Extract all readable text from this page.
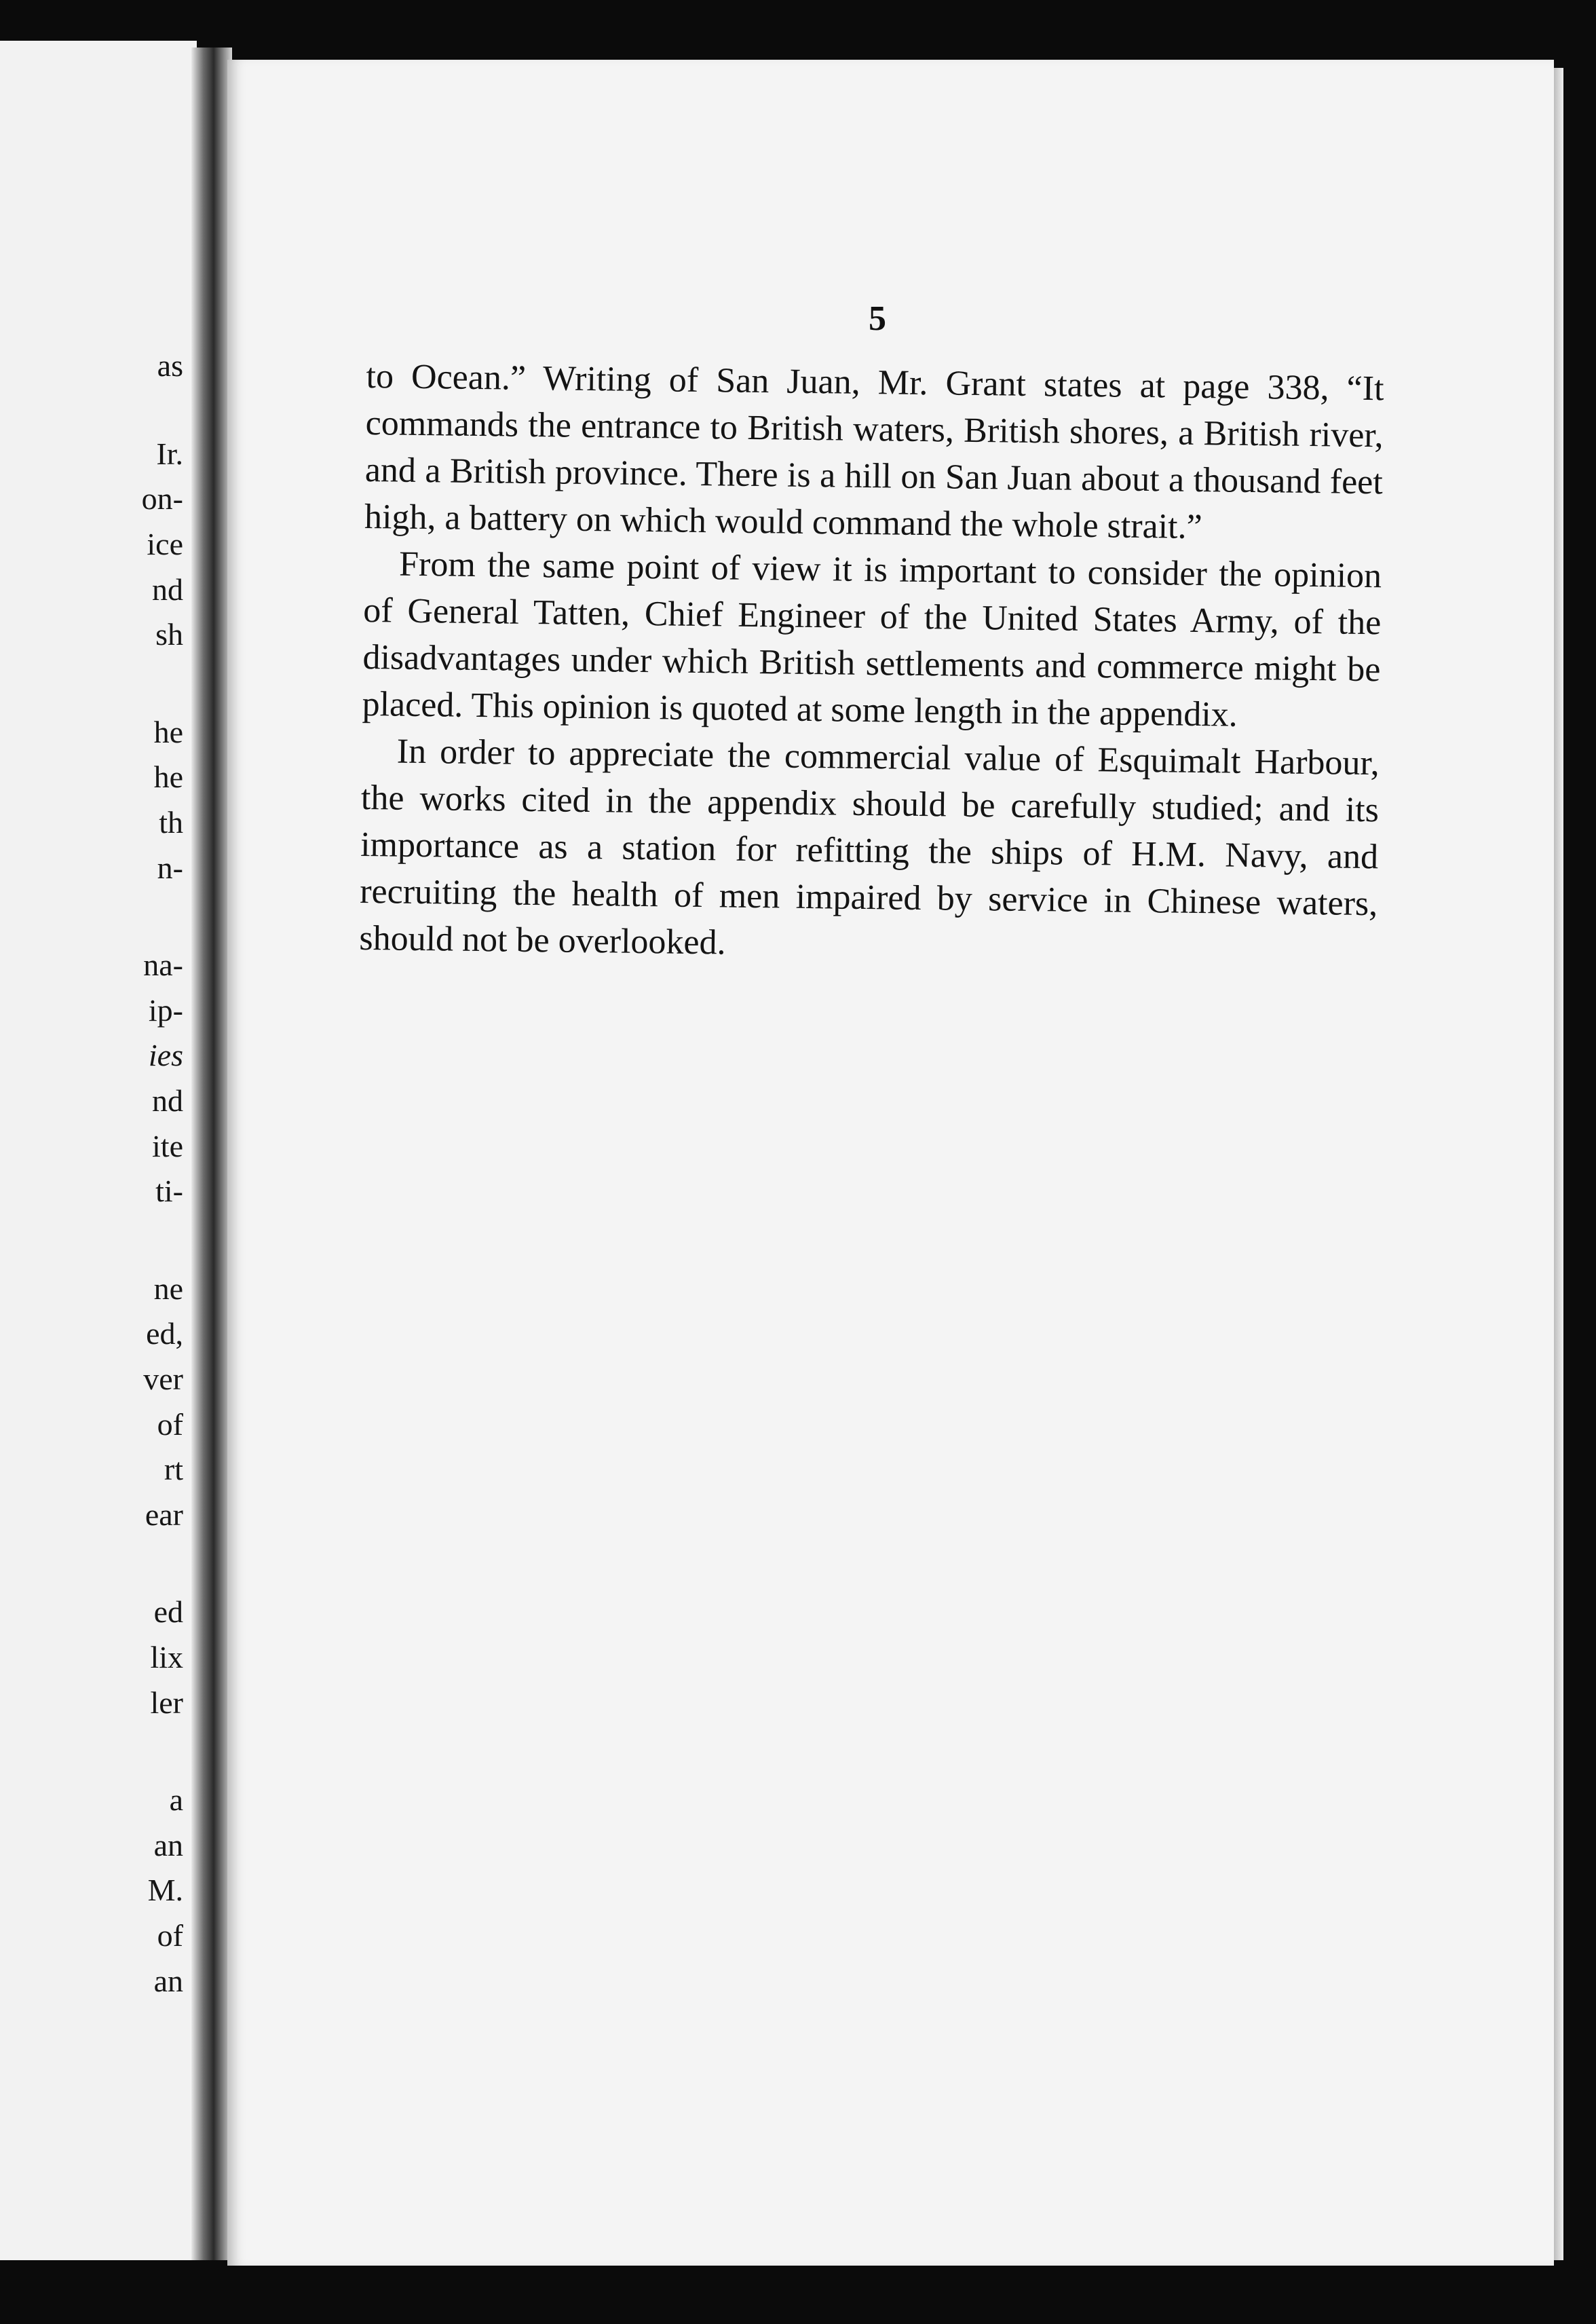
as
Ir.
on-
ice
nd
sh
he
he
th
n-
na-
ip-
ies
nd
ite
ti-
ne
ed,
ver
of
rt
ear
ed
lix
ler
a
an
M.
of
an
5

to Ocean.” Writing of San Juan, Mr. Grant states at page 338, “It commands the entrance to British waters, British shores, a British river, and a British province. There is a hill on San Juan about a thousand feet high, a battery on which would command the whole strait.”

From the same point of view it is important to consider the opinion of General Tatten, Chief Engineer of the United States Army, of the disadvantages under which British settlements and commerce might be placed. This opinion is quoted at some length in the appendix.

In order to appreciate the commercial value of Esquimalt Harbour, the works cited in the appendix should be carefully studied; and its importance as a station for refitting the ships of H.M. Navy, and recruiting the health of men impaired by service in Chinese waters, should not be overlooked.
